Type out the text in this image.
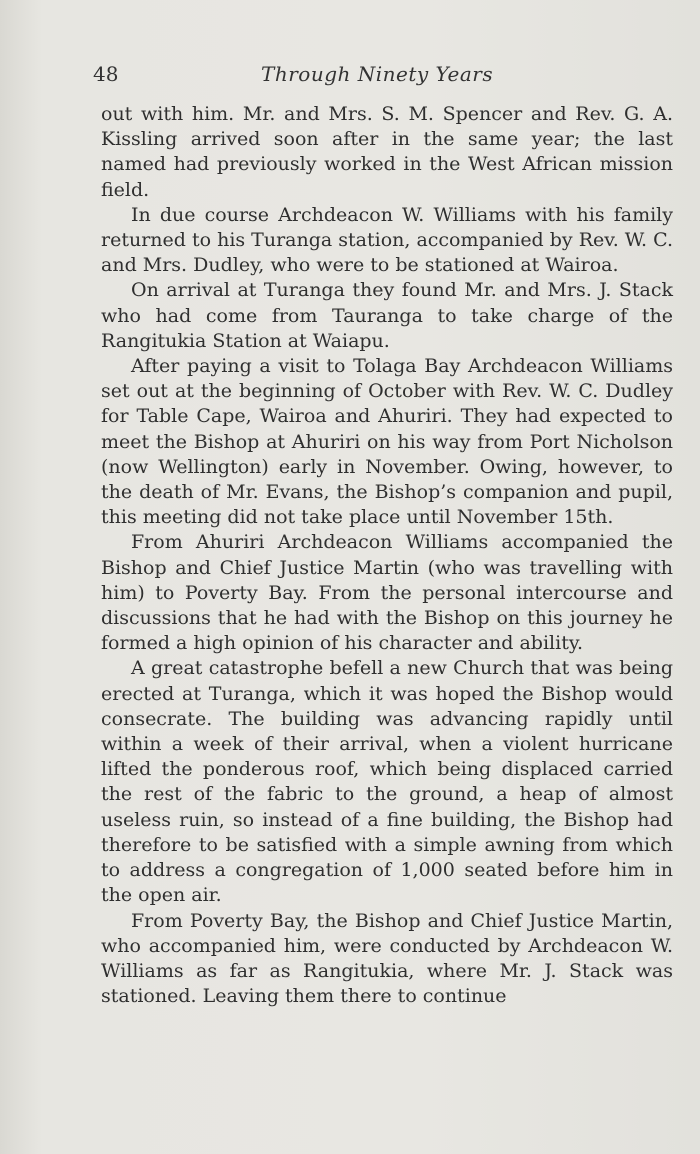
48	Through Ninety Years

out with him. Mr. and Mrs. S. M. Spencer and Rev. G. A. Kissling arrived soon after in the same year; the last named had previously worked in the West African mission field.

In due course Archdeacon W. Williams with his family returned to his Turanga station, accompanied by Rev. W. C. and Mrs. Dudley, who were to be stationed at Wairoa.

On arrival at Turanga they found Mr. and Mrs. J. Stack who had come from Tauranga to take charge of the Rangitukia Station at Waiapu.

After paying a visit to Tolaga Bay Archdeacon Williams set out at the beginning of October with Rev. W. C. Dudley for Table Cape, Wairoa and Ahuriri. They had expected to meet the Bishop at Ahuriri on his way from Port Nicholson (now Wellington) early in November. Owing, however, to the death of Mr. Evans, the Bishop’s companion and pupil, this meeting did not take place until November 15th.

From Ahuriri Archdeacon Williams accompanied the Bishop and Chief Justice Martin (who was travelling with him) to Poverty Bay. From the personal intercourse and discussions that he had with the Bishop on this journey he formed a high opinion of his character and ability.

A great catastrophe befell a new Church that was being erected at Turanga, which it was hoped the Bishop would consecrate. The building was advancing rapidly until within a week of their arrival, when a violent hurricane lifted the ponderous roof, which being displaced carried the rest of the fabric to the ground, a heap of almost useless ruin, so instead of a fine building, the Bishop had therefore to be satisfied with a simple awning from which to address a congregation of 1,000 seated before him in the open air.

From Poverty Bay, the Bishop and Chief Justice Martin, who accompanied him, were conducted by Archdeacon W. Williams as far as Rangitukia, where Mr. J. Stack was stationed. Leaving them there to continue
